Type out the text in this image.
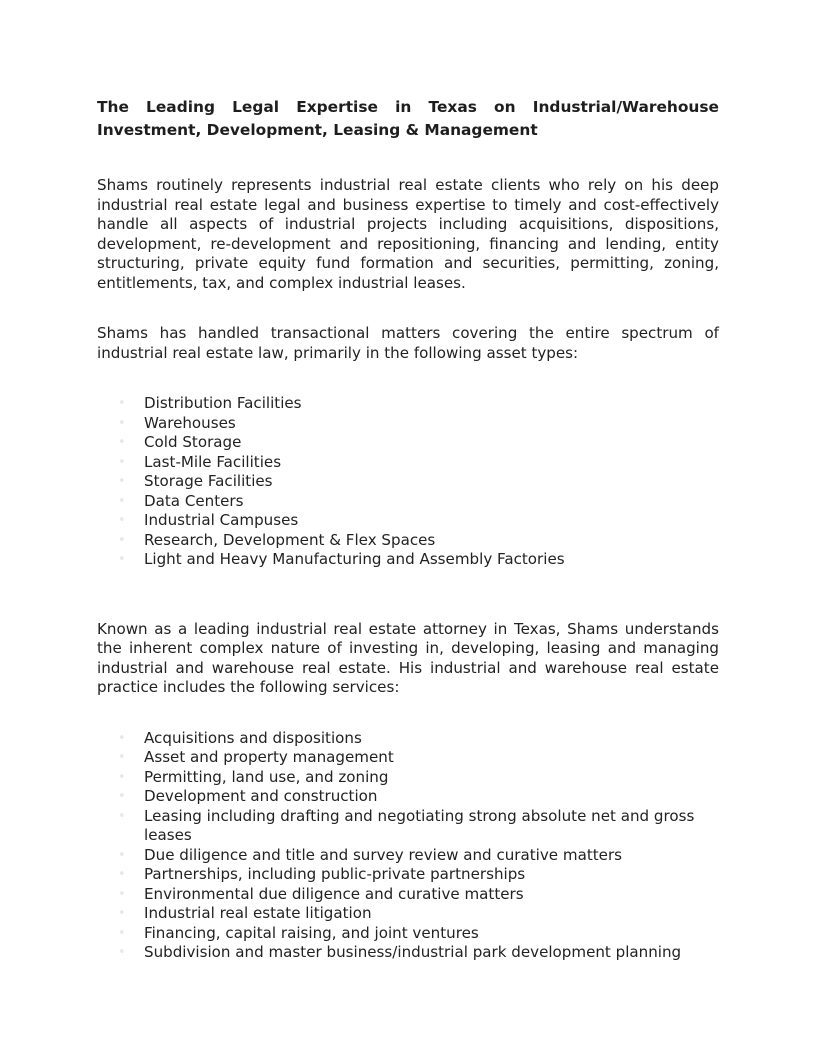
The Leading Legal Expertise in Texas on Industrial/Warehouse Investment, Development, Leasing & Management

Shams routinely represents industrial real estate clients who rely on his deep industrial real estate legal and business expertise to timely and cost-effectively handle all aspects of industrial projects including acquisitions, dispositions, development, re-development and repositioning, financing and lending, entity structuring, private equity fund formation and securities, permitting, zoning, entitlements, tax, and complex industrial leases.

Shams has handled transactional matters covering the entire spectrum of industrial real estate law, primarily in the following asset types:

• Distribution Facilities
• Warehouses
• Cold Storage
• Last-Mile Facilities
• Storage Facilities
• Data Centers
• Industrial Campuses
• Research, Development & Flex Spaces
• Light and Heavy Manufacturing and Assembly Factories

Known as a leading industrial real estate attorney in Texas, Shams understands the inherent complex nature of investing in, developing, leasing and managing industrial and warehouse real estate. His industrial and warehouse real estate practice includes the following services:

• Acquisitions and dispositions
• Asset and property management
• Permitting, land use, and zoning
• Development and construction
• Leasing including drafting and negotiating strong absolute net and gross leases
• Due diligence and title and survey review and curative matters
• Partnerships, including public-private partnerships
• Environmental due diligence and curative matters
• Industrial real estate litigation
• Financing, capital raising, and joint ventures
• Subdivision and master business/industrial park development planning
